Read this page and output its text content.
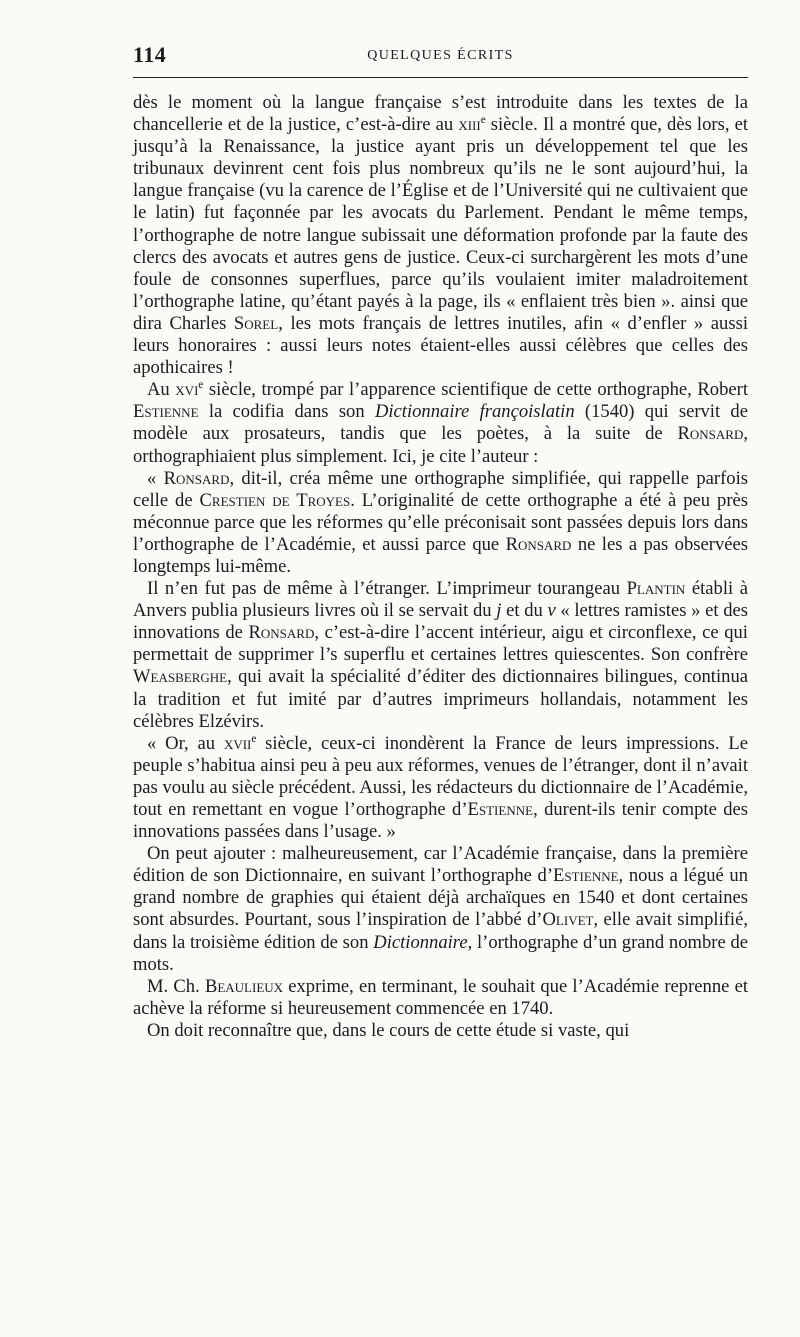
114	QUELQUES ÉCRITS

dès le moment où la langue française s’est introduite dans les textes de la chancellerie et de la justice, c’est-à-dire au xiii$^e$ siècle. Il a montré que, dès lors, et jusqu’à la Renaissance, la justice ayant pris un développement tel que les tribunaux devinrent cent fois plus nombreux qu’ils ne le sont aujourd’hui, la langue française (vu la carence de l’Église et de l’Université qui ne cultivaient que le latin) fut façonnée par les avocats du Parlement. Pendant le même temps, l’orthographe de notre langue subissait une déformation profonde par la faute des clercs des avocats et autres gens de justice. Ceux-ci surchargèrent les mots d’une foule de consonnes superflues, parce qu’ils voulaient imiter maladroitement l’orthographe latine, qu’étant payés à la page, ils « enflaient très bien ». ainsi que dira Charles Sorel, les mots français de lettres inutiles, afin « d’enfler » aussi leurs honoraires : aussi leurs notes étaient-elles aussi célèbres que celles des apothicaires !

Au xvi$^e$ siècle, trompé par l’apparence scientifique de cette orthographe, Robert Estienne la codifia dans son Dictionnaire françoislatin (1540) qui servit de modèle aux prosateurs, tandis que les poètes, à la suite de Ronsard, orthographiaient plus simplement. Ici, je cite l’auteur :

« Ronsard, dit-il, créa même une orthographe simplifiée, qui rappelle parfois celle de Crestien de Troyes. L’originalité de cette orthographe a été à peu près méconnue parce que les réformes qu’elle préconisait sont passées depuis lors dans l’orthographe de l’Académie, et aussi parce que Ronsard ne les a pas observées longtemps lui-même.

Il n’en fut pas de même à l’étranger. L’imprimeur tourangeau Plantin établi à Anvers publia plusieurs livres où il se servait du j et du v « lettres ramistes » et des innovations de Ronsard, c’est-à-dire l’accent intérieur, aigu et circonflexe, ce qui permettait de supprimer l’s superflu et certaines lettres quiescentes. Son confrère Weasberghe, qui avait la spécialité d’éditer des dictionnaires bilingues, continua la tradition et fut imité par d’autres imprimeurs hollandais, notamment les célèbres Elzévirs.

« Or, au xvii$^e$ siècle, ceux-ci inondèrent la France de leurs impressions. Le peuple s’habitua ainsi peu à peu aux réformes, venues de l’étranger, dont il n’avait pas voulu au siècle précédent. Aussi, les rédacteurs du dictionnaire de l’Académie, tout en remettant en vogue l’orthographe d’Estienne, durent-ils tenir compte des innovations passées dans l’usage. »

On peut ajouter : malheureusement, car l’Académie française, dans la première édition de son Dictionnaire, en suivant l’orthographe d’Estienne, nous a légué un grand nombre de graphies qui étaient déjà archaïques en 1540 et dont certaines sont absurdes. Pourtant, sous l’inspiration de l’abbé d’Olivet, elle avait simplifié, dans la troisième édition de son Dictionnaire, l’orthographe d’un grand nombre de mots.

M. Ch. Beaulieux exprime, en terminant, le souhait que l’Académie reprenne et achève la réforme si heureusement commencée en 1740.

On doit reconnaître que, dans le cours de cette étude si vaste, qui
